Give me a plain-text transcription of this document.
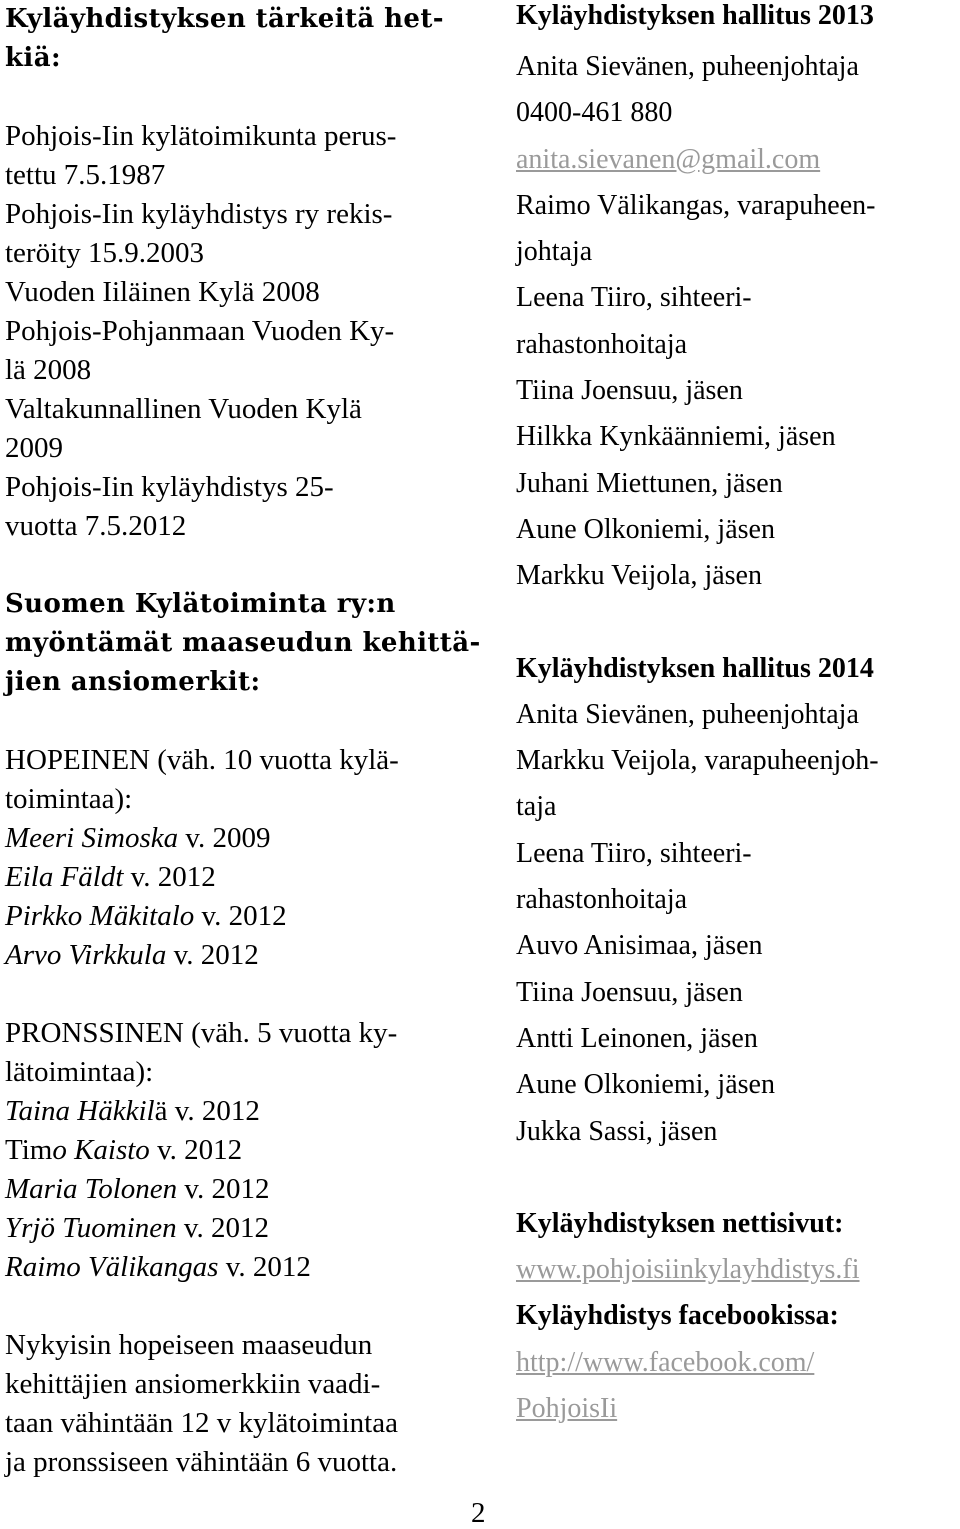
Kyläyhdistyksen tärkeitä het-
kiä:
Pohjois-Iin kylätoimikunta perus-
tettu 7.5.1987
Pohjois-Iin kyläyhdistys ry rekis-
teröity 15.9.2003
Vuoden Iiläinen Kylä 2008
Pohjois-Pohjanmaan Vuoden Ky-
lä 2008
Valtakunnallinen Vuoden Kylä
2009
Pohjois-Iin kyläyhdistys 25-
vuotta 7.5.2012
Suomen Kylätoiminta ry:n
myöntämät maaseudun kehittä-
jien ansiomerkit:
HOPEINEN (väh. 10 vuotta kylä-
toimintaa):
Meeri Simoska v. 2009
Eila Fäldt v. 2012
Pirkko Mäkitalo v. 2012
Arvo Virkkula v. 2012
PRONSSINEN (väh. 5 vuotta ky-
lätoimintaa):
Taina Häkkilä v. 2012
Timo Kaisto v. 2012
Maria Tolonen v. 2012
Yrjö Tuominen v. 2012
Raimo Välikangas v. 2012
Nykyisin hopeiseen maaseudun
kehittäjien ansiomerkkiin vaadi-
taan vähintään 12 v kylätoimintaa
ja pronssiseen vähintään 6 vuotta.
Kyläyhdistyksen hallitus 2013
Anita Sievänen, puheenjohtaja
0400-461 880
anita.sievanen@gmail.com
Raimo Välikangas, varapuheen-
johtaja
Leena Tiiro, sihteeri-
rahastonhoitaja
Tiina Joensuu, jäsen
Hilkka Kynkäänniemi, jäsen
Juhani Miettunen, jäsen
Aune Olkoniemi, jäsen
Markku Veijola, jäsen
Kyläyhdistyksen hallitus 2014
Anita Sievänen, puheenjohtaja
Markku Veijola, varapuheenjoh-
taja
Leena Tiiro, sihteeri-
rahastonhoitaja
Auvo Anisimaa, jäsen
Tiina Joensuu, jäsen
Antti Leinonen, jäsen
Aune Olkoniemi, jäsen
Jukka Sassi, jäsen
Kyläyhdistyksen nettisivut:
www.pohjoisiinkylayhdistys.fi
Kyläyhdistys facebookissa:
http://www.facebook.com/
PohjoisIi
2
